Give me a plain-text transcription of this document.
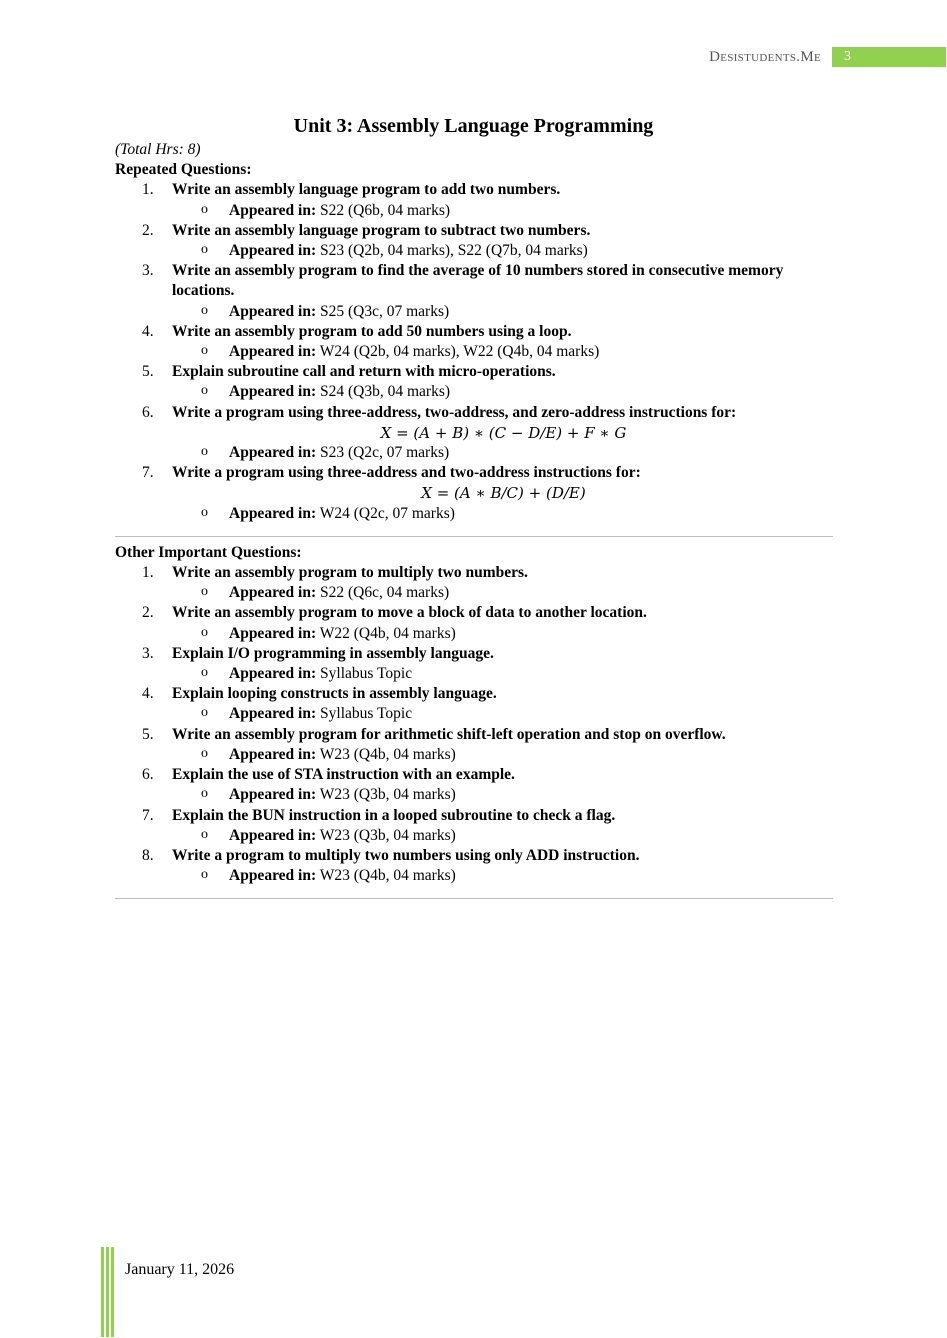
Desistudents.Me 3
Unit 3: Assembly Language Programming
(Total Hrs: 8)
Repeated Questions:
1.	Write an assembly language program to add two numbers.
o Appeared in: S22 (Q6b, 04 marks)
2.	Write an assembly language program to subtract two numbers.
o Appeared in: S23 (Q2b, 04 marks), S22 (Q7b, 04 marks)
3.	Write an assembly program to find the average of 10 numbers stored in consecutive memory locations.
o Appeared in: S25 (Q3c, 07 marks)
4.	Write an assembly program to add 50 numbers using a loop.
o Appeared in: W24 (Q2b, 04 marks), W22 (Q4b, 04 marks)
5.	Explain subroutine call and return with micro-operations.
o Appeared in: S24 (Q3b, 04 marks)
6.	Write a program using three-address, two-address, and zero-address instructions for:
X = (A + B) ∗ (C − D/E) + F ∗ G
o Appeared in: S23 (Q2c, 07 marks)
7.	Write a program using three-address and two-address instructions for:
X = (A ∗ B/C) + (D/E)
o Appeared in: W24 (Q2c, 07 marks)
Other Important Questions:
1.	Write an assembly program to multiply two numbers.
o Appeared in: S22 (Q6c, 04 marks)
2.	Write an assembly program to move a block of data to another location.
o Appeared in: W22 (Q4b, 04 marks)
3.	Explain I/O programming in assembly language.
o Appeared in: Syllabus Topic
4.	Explain looping constructs in assembly language.
o Appeared in: Syllabus Topic
5.	Write an assembly program for arithmetic shift-left operation and stop on overflow.
o Appeared in: W23 (Q4b, 04 marks)
6.	Explain the use of STA instruction with an example.
o Appeared in: W23 (Q3b, 04 marks)
7.	Explain the BUN instruction in a looped subroutine to check a flag.
o Appeared in: W23 (Q3b, 04 marks)
8.	Write a program to multiply two numbers using only ADD instruction.
o Appeared in: W23 (Q4b, 04 marks)
January 11, 2026
